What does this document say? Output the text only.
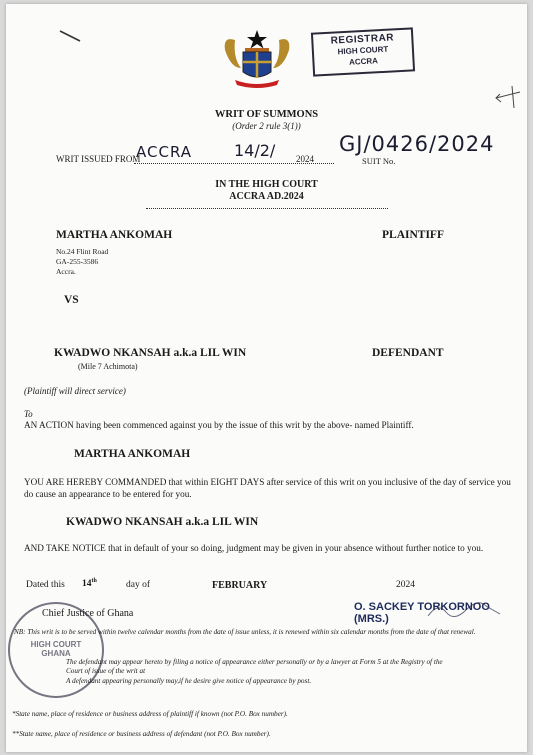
REGISTRAR
HIGH COURT
ACCRA
WRIT OF SUMMONS
(Order 2 rule 3(1))
WRIT ISSUED FROM
ACCRA	14/2/ 2024
GJ/0426/2024
SUIT No.
IN THE HIGH COURT
ACCRA AD.2024
MARTHA ANKOMAH	PLAINTIFF
No.24 Flint Road
GA-255-3586
Accra.
VS
KWADWO NKANSAH a.k.a LIL WIN	DEFENDANT
(Mile 7 Achimota)
(Plaintiff will direct service)
To
AN ACTION having been commenced against you by the issue of this writ by the above- named Plaintiff.
MARTHA ANKOMAH
YOU ARE HEREBY COMMANDED that within EIGHT DAYS after service of this writ on you inclusive of the day of service you do cause an appearance to be entered for you.
KWADWO NKANSAH a.k.a LIL WIN
AND TAKE NOTICE that in default of your so doing, judgment may be given in your absence without further notice to you.
Dated this 14th	day of	FEBRUARY	2024
HIGH COURT GHANA
Chief Justice of Ghana
O. SACKEY TORKORNOO (MRS.)
NB: This writ is to be served within twelve calendar months from the date of issue unless, it is renewed within six calendar months from the date of that renewal.
The defendant may appear hereto by filing a notice of appearance either personally or by a lawyer at Form 5 at the Registry of the Court of issue of the writ at
A defendant appearing personally may,if he desire give notice of appearance by post.
*State name, place of residence or business address of plaintiff if known (not P.O. Box number).
**State name, place of residence or business address of defendant (not P.O. Box number).
